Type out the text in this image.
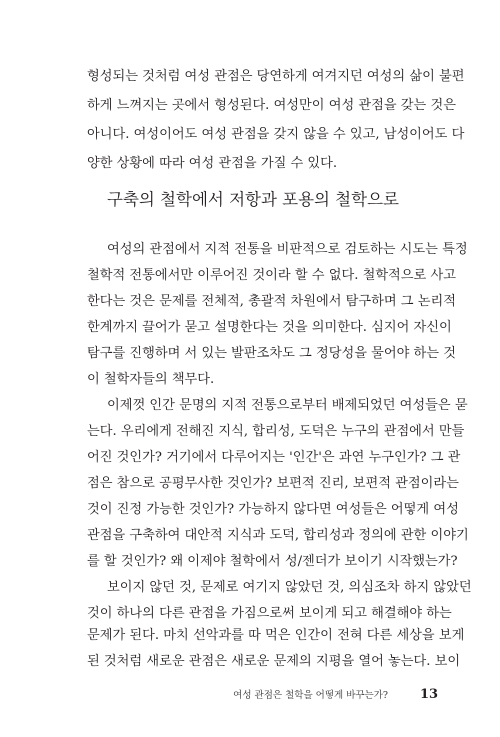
형성되는 것처럼 여성 관점은 당연하게 여겨지던 여성의 삶이 불편
하게 느껴지는 곳에서 형성된다. 여성만이 여성 관점을 갖는 것은
아니다. 여성이어도 여성 관점을 갖지 않을 수 있고, 남성이어도 다
양한 상황에 따라 여성 관점을 가질 수 있다.
구축의 철학에서 저항과 포용의 철학으로
여성의 관점에서 지적 전통을 비판적으로 검토하는 시도는 특정
철학적 전통에서만 이루어진 것이라 할 수 없다. 철학적으로 사고
한다는 것은 문제를 전체적, 총괄적 차원에서 탐구하며 그 논리적
한계까지 끌어가 묻고 설명한다는 것을 의미한다. 심지어 자신이
탐구를 진행하며 서 있는 발판조차도 그 정당성을 물어야 하는 것
이 철학자들의 책무다.
이제껏 인간 문명의 지적 전통으로부터 배제되었던 여성들은 묻
는다. 우리에게 전해진 지식, 합리성, 도덕은 누구의 관점에서 만들
어진 것인가? 거기에서 다루어지는 '인간'은 과연 누구인가? 그 관
점은 참으로 공평무사한 것인가? 보편적 진리, 보편적 관점이라는
것이 진정 가능한 것인가? 가능하지 않다면 여성들은 어떻게 여성
관점을 구축하여 대안적 지식과 도덕, 합리성과 정의에 관한 이야기
를 할 것인가? 왜 이제야 철학에서 성/젠더가 보이기 시작했는가?
보이지 않던 것, 문제로 여기지 않았던 것, 의심조차 하지 않았던
것이 하나의 다른 관점을 가짐으로써 보이게 되고 해결해야 하는
여성 관점은 철학을 어떻게 바꾸는가? 13
문제가 된다. 마치 선악과를 따 먹은 인간이 전혀 다른 세상을 보게
된 것처럼 새로운 관점은 새로운 문제의 지평을 열어 놓는다. 보이
